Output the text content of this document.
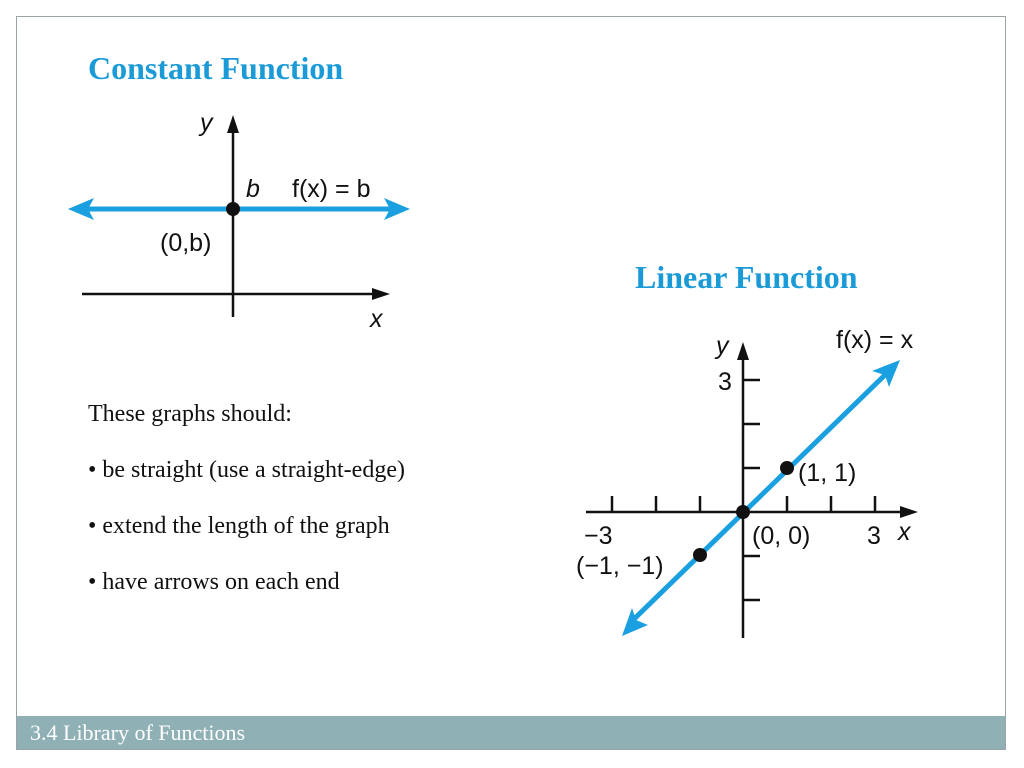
Constant Function
Linear Function
y
x
b f(x) = b
(0,b)
y
x
f(x) = x
3
−3	3
(1, 1)
(0, 0)
(−1, −1)
These graphs should:
• be straight (use a straight-edge)
• extend the length of the graph
• have arrows on each end
3.4 Library of Functions
